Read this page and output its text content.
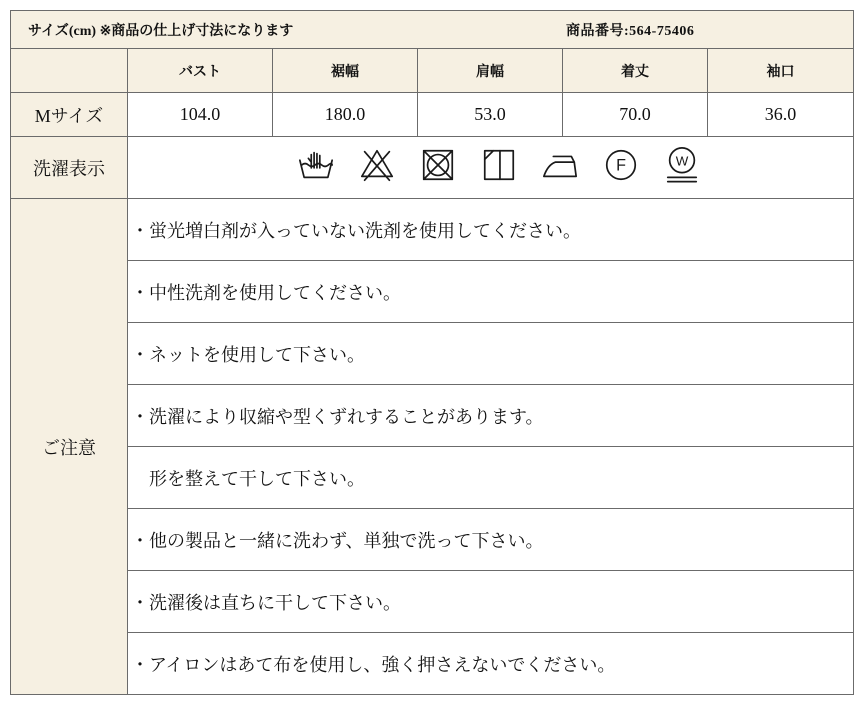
サイズ(cm) ※商品の仕上げ寸法になります 商品番号:564-75406					
	バスト	裾幅	肩幅	着丈	袖口
Mサイズ	104.0	180.0	53.0	70.0	36.0
洗濯表示	F W				

ご注意	・蛍光増白剤が入っていない洗剤を使用してください。				
	・中性洗剤を使用してください。				
	・ネットを使用して下さい。				
	・洗濯により収縮や型くずれすることがあります。				
	　形を整えて干して下さい。				
	・他の製品と一緒に洗わず、単独で洗って下さい。				
	・洗濯後は直ちに干して下さい。				
	・アイロンはあて布を使用し、強く押さえないでください。				
